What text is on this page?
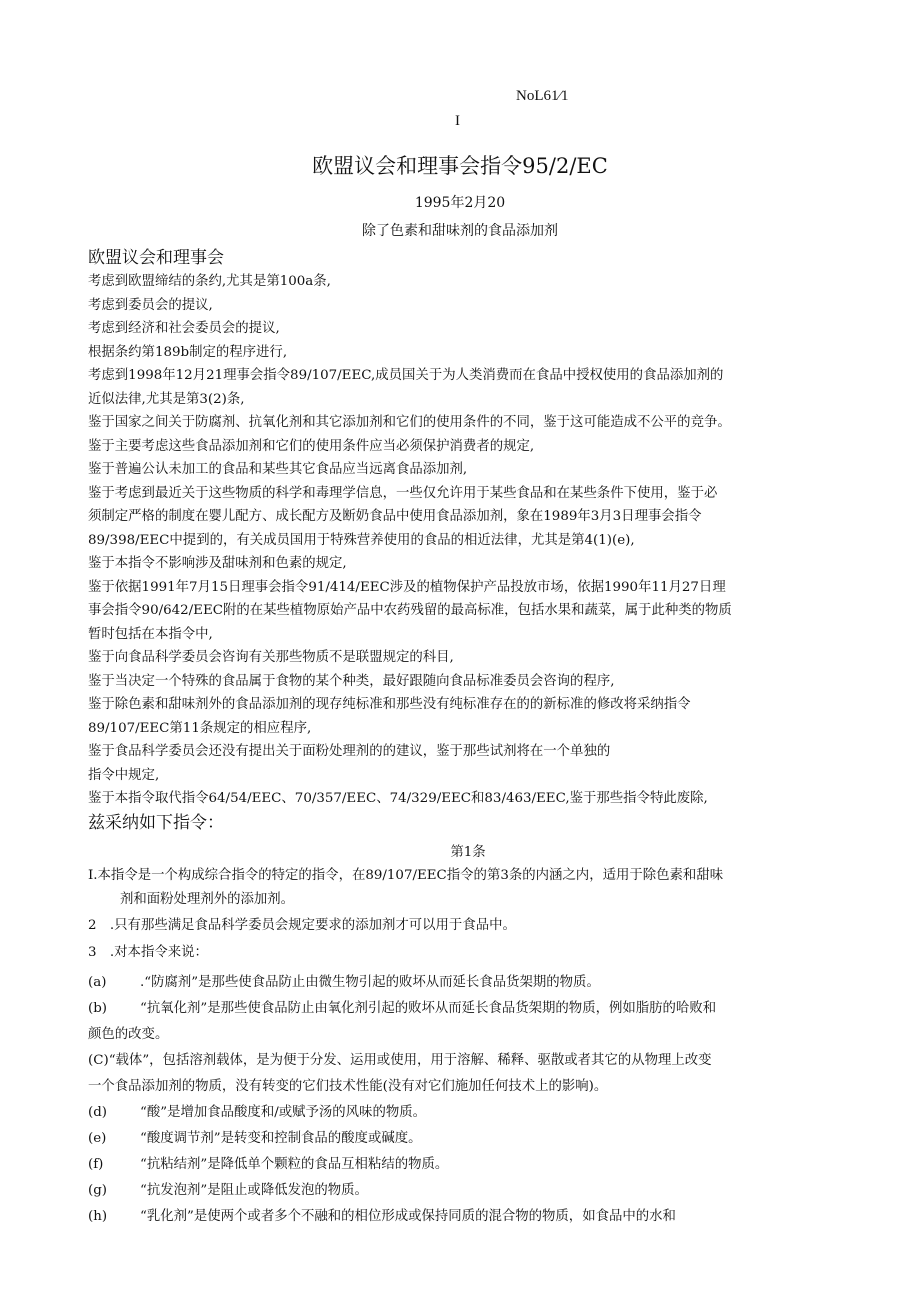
NoL61⁄1
I
欧盟议会和理事会指令95/2/EC
1995年2月20
除了色素和甜味剂的食品添加剂

欧盟议会和理事会

考虑到欧盟缔结的条约,尤其是第100a条,

考虑到委员会的提议,

考虑到经济和社会委员会的提议,

根据条约第189b制定的程序进行,

考虑到1998年12月21理事会指令89/107/EEC,成员国关于为人类消费而在食品中授权使用的食品添加剂的

近似法律,尤其是第3(2)条,

鉴于国家之间关于防腐剂、抗氧化剂和其它添加剂和它们的使用条件的不同，鉴于这可能造成不公平的竞争。

鉴于主要考虑这些食品添加剂和它们的使用条件应当必须保护消费者的规定,

鉴于普遍公认未加工的食品和某些其它食品应当远离食品添加剂,

鉴于考虑到最近关于这些物质的科学和毒理学信息，一些仅允许用于某些食品和在某些条件下使用，鉴于必

须制定严格的制度在婴儿配方、成长配方及断奶食品中使用食品添加剂，象在1989年3月3日理事会指令

89/398/EEC中提到的，有关成员国用于特殊营养使用的食品的相近法律，尤其是第4(1)(e),

鉴于本指令不影响涉及甜味剂和色素的规定,

鉴于依据1991年7月15日理事会指令91/414/EEC涉及的植物保护产品投放市场，依据1990年11月27日理

事会指令90/642/EEC附的在某些植物原始产品中农药残留的最高标准，包括水果和蔬菜，属于此种类的物质

暂时包括在本指令中,

鉴于向食品科学委员会咨询有关那些物质不是联盟规定的科目,

鉴于当决定一个特殊的食品属于食物的某个种类，最好跟随向食品标准委员会咨询的程序,

鉴于除色素和甜味剂外的食品添加剂的现存纯标准和那些没有纯标准存在的的新标准的修改将采纳指令

89/107/EEC第11条规定的相应程序,

鉴于食品科学委员会还没有提出关于面粉处理剂的的建议，鉴于那些试剂将在一个单独的

指令中规定,

鉴于本指令取代指令64/54/EEC、70/357/EEC、74/329/EEC和83/463/EEC,鉴于那些指令特此废除,

兹采纳如下指令：

第1条

I.本指令是一个构成综合指令的特定的指令，在89/107/EEC指令的第3条的内涵之内，适用于除色素和甜味

剂和面粉处理剂外的添加剂。

2　.只有那些满足食品科学委员会规定要求的添加剂才可以用于食品中。

3　.对本指令来说：

(a)	.“防腐剂”是那些使食品防止由微生物引起的败坏从而延长食品货架期的物质。

(b) “抗氧化剂”是那些使食品防止由氧化剂引起的败坏从而延长食品货架期的物质，例如脂肪的哈败和

颜色的改变。

(C)“载体”，包括溶剂载体，是为便于分发、运用或使用，用于溶解、稀释、驱散或者其它的从物理上改变

一个食品添加剂的物质，没有转变的它们技术性能(没有对它们施加任何技术上的影响)。

(d) “酸”是增加食品酸度和/或赋予汤的风味的物质。

(e)	“酸度调节剂”是转变和控制食品的酸度或碱度。

(f)	“抗粘结剂”是降低单个颗粒的食品互相粘结的物质。

(g) “抗发泡剂”是阻止或降低发泡的物质。

(h) “乳化剂”是使两个或者多个不融和的相位形成或保持同质的混合物的物质，如食品中的水和
